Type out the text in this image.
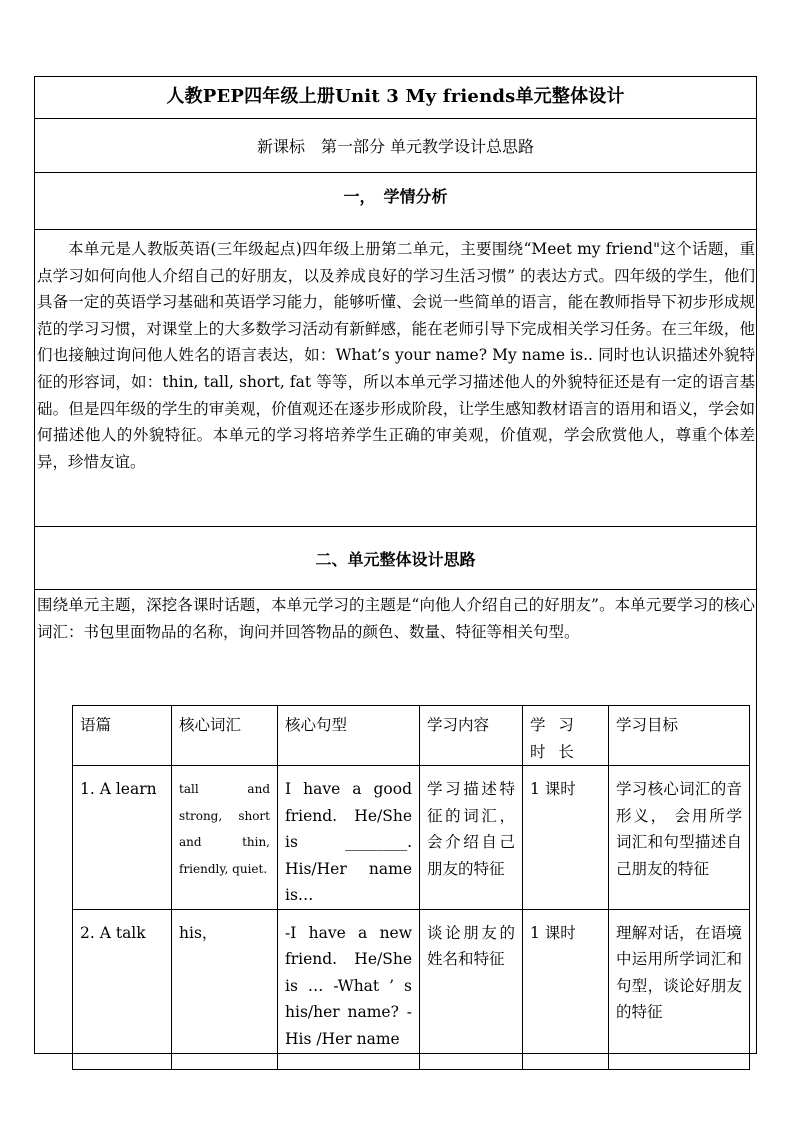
人教PEP四年级上册Unit 3 My friends单元整体设计
新课标　第一部分 单元教学设计总思路
一，　学情分析

本单元是人教版英语(三年级起点)四年级上册第二单元，主要围绕“Meet my friend"这个话题，重点学习如何向他人介绍自己的好朋友，以及养成良好的学习生活习惯” 的表达方式。四年级的学生，他们具备一定的英语学习基础和英语学习能力，能够听懂、会说一些简单的语言，能在教师指导下初步形成规范的学习习惯，对课堂上的大多数学习活动有新鲜感，能在老师引导下完成相关学习任务。在三年级，他们也接触过询问他人姓名的语言表达，如：What’s your name? My name is.. 同时也认识描述外貌特征的形容词，如：thin, tall, short, fat 等等，所以本单元学习描述他人的外貌特征还是有一定的语言基础。但是四年级的学生的审美观，价值观还在逐步形成阶段，让学生感知教材语言的语用和语义，学会如何描述他人的外貌特征。本单元的学习将培养学生正确的审美观，价值观，学会欣赏他人，尊重个体差异，珍惜友谊。

二、单元整体设计思路

围绕单元主题，深挖各课时话题，本单元学习的主题是“向他人介绍自己的好朋友”。本单元要学习的核心词汇：书包里面物品的名称，询问并回答物品的颜色、数量、特征等相关句型。

语篇	核心词汇	核心句型	学习内容	学 习 时 长	学习目标
1. A learn	tall and strong, short and thin, friendly, quiet.	I have a good friend. He/She is ________. His/Her name is…	学习描述特征的词汇， 会介绍自己朋友的特征	1 课时	学习核心词汇的音形义， 会用所学词汇和句型描述自己朋友的特征
2. A talk	his，	-I have a new friend. He/She is … -What ’ s his/her name? -His /Her name	谈论朋友的姓名和特征	1 课时	理解对话，在语境中运用所学词汇和句型，谈论好朋友的特征
